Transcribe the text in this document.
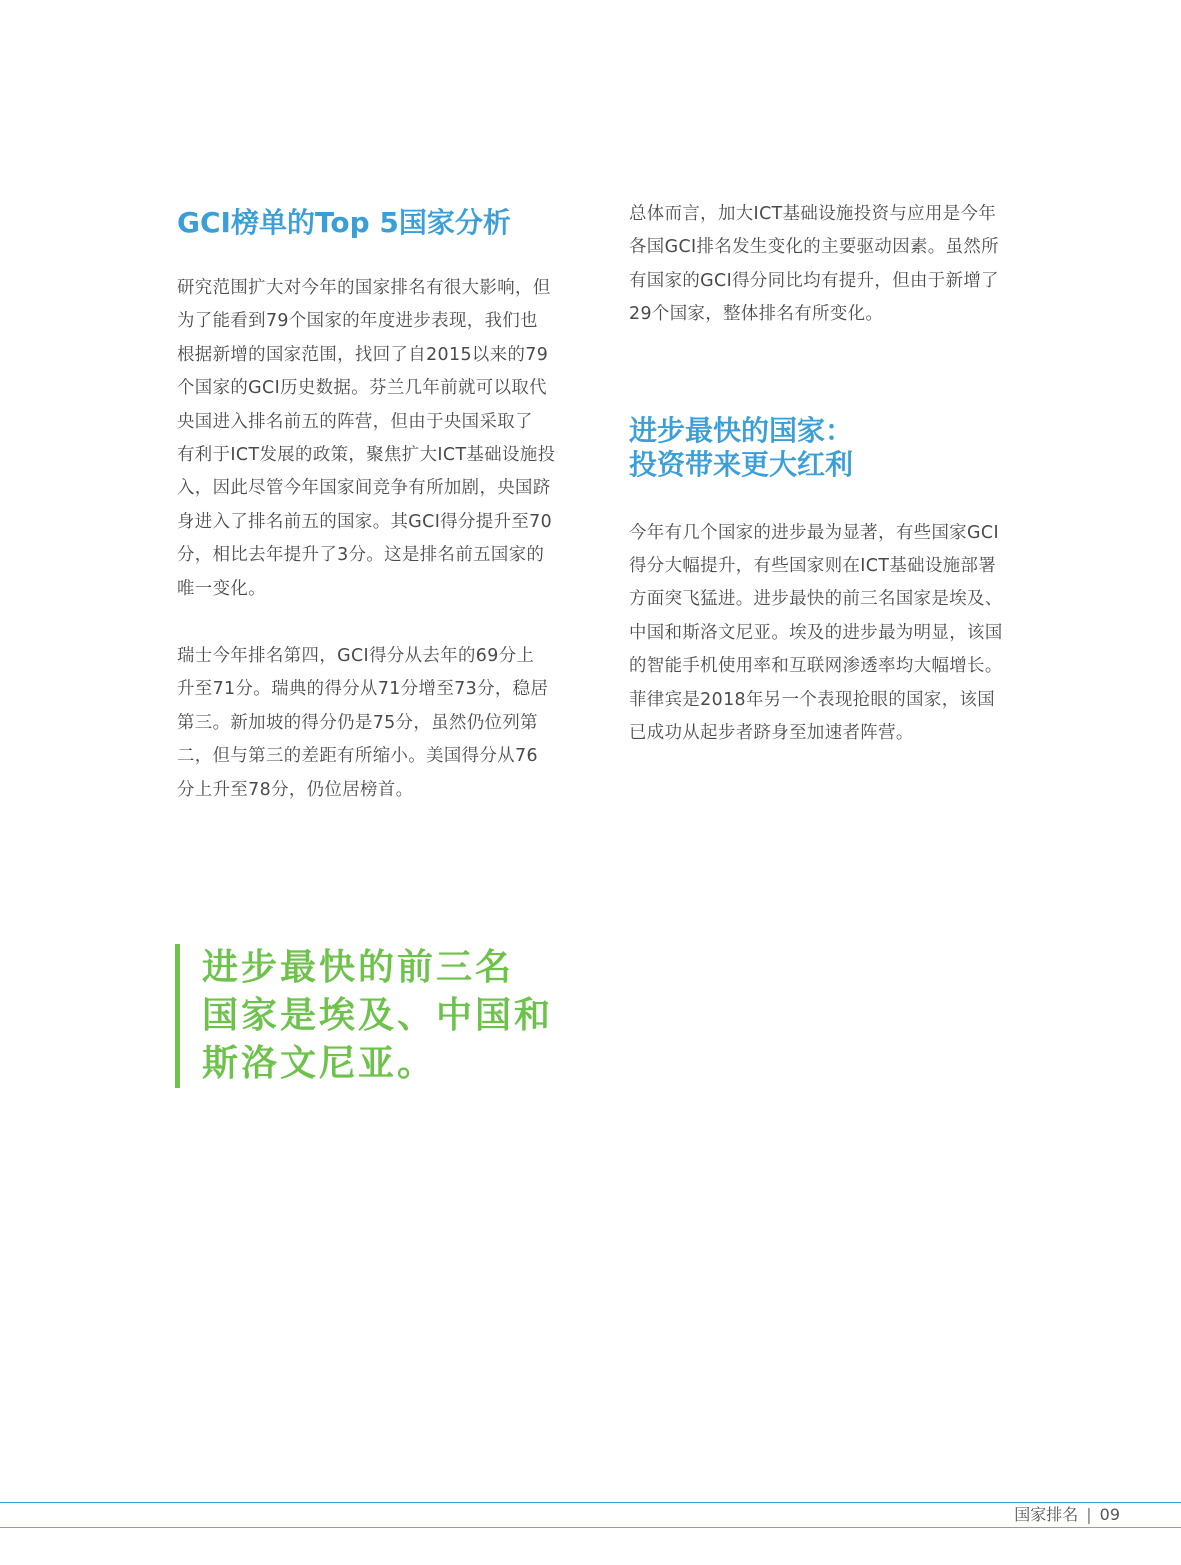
GCI榜单的Top 5国家分析

研究范围扩大对今年的国家排名有很大影响，但
为了能看到79个国家的年度进步表现，我们也
根据新增的国家范围，找回了自2015以来的79
个国家的GCI历史数据。芬兰几年前就可以取代
央国进入排名前五的阵营，但由于央国采取了
有利于ICT发展的政策，聚焦扩大ICT基础设施投
入，因此尽管今年国家间竞争有所加剧，央国跻
身进入了排名前五的国家。其GCI得分提升至70
分，相比去年提升了3分。这是排名前五国家的
唯一变化。

瑞士今年排名第四，GCI得分从去年的69分上
升至71分。瑞典的得分从71分增至73分，稳居
第三。新加坡的得分仍是75分，虽然仍位列第
二，但与第三的差距有所缩小。美国得分从76
分上升至78分，仍位居榜首。

总体而言，加大ICT基础设施投资与应用是今年
各国GCI排名发生变化的主要驱动因素。虽然所
有国家的GCI得分同比均有提升，但由于新增了
29个国家，整体排名有所变化。

进步最快的国家：
投资带来更大红利

今年有几个国家的进步最为显著，有些国家GCI
得分大幅提升，有些国家则在ICT基础设施部署
方面突飞猛进。进步最快的前三名国家是埃及、
中国和斯洛文尼亚。埃及的进步最为明显，该国
的智能手机使用率和互联网渗透率均大幅增长。
菲律宾是2018年另一个表现抢眼的国家，该国
已成功从起步者跻身至加速者阵营。

进步最快的前三名
国家是埃及、中国和
斯洛文尼亚。

国家排名 | 09
